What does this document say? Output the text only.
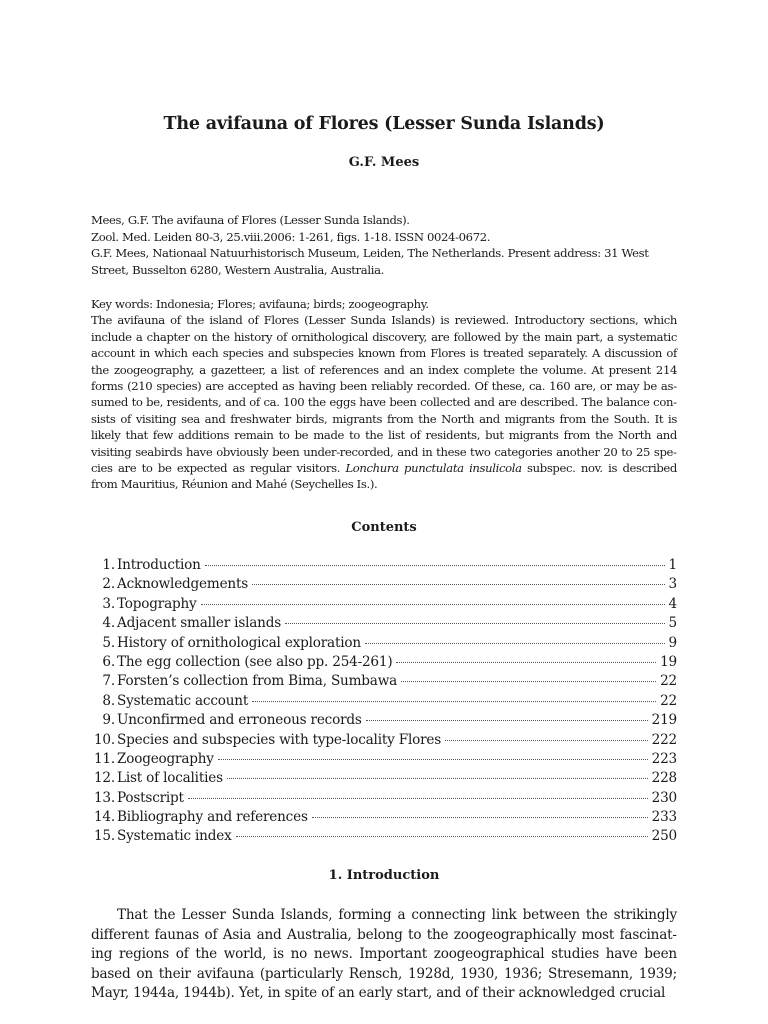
The avifauna of Flores (Lesser Sunda Islands)
G.F. Mees
Mees, G.F. The avifauna of Flores (Lesser Sunda Islands).
Zool. Med. Leiden 80-3, 25.viii.2006: 1-261, figs. 1-18. ISSN 0024-0672.
G.F. Mees, Nationaal Natuurhistorisch Museum, Leiden, The Netherlands. Present address: 31 West
Street, Busselton 6280, Western Australia, Australia.
Key words: Indonesia; Flores; avifauna; birds; zoogeography.

The avifauna of the island of Flores (Lesser Sunda Islands) is reviewed. Introductory sections, which include a chapter on the history of ornithological discovery, are followed by the main part, a systematic account in which each species and subspecies known from Flores is treated separately. A discussion of the zoogeography, a gazetteer, a list of references and an index complete the volume. At present 214 forms (210 species) are accepted as having been reliably recorded. Of these, ca. 160 are, or may be assumed to be, residents, and of ca. 100 the eggs have been collected and are described. The balance consists of visiting sea and freshwater birds, migrants from the North and migrants from the South. It is likely that few additions remain to be made to the list of residents, but migrants from the North and visiting seabirds have obviously been under-recorded, and in these two categories another 20 to 25 species are to be expected as regular visitors. Lonchura punctulata insulicola subspec. nov. is described from Mauritius, Réunion and Mahé (Seychelles Is.).

Contents
1. Introduction	1
2. Acknowledgements	3
3. Topography	4
4. Adjacent smaller islands	5
5. History of ornithological exploration	9
6. The egg collection (see also pp. 254-261)	19
7. Forsten’s collection from Bima, Sumbawa	22
8. Systematic account	22
9. Unconfirmed and erroneous records	219
10. Species and subspecies with type-locality Flores	222
11. Zoogeography	223
12. List of localities	228
13. Postscript	230
14. Bibliography and references	233
15. Systematic index	250
1. Introduction

That the Lesser Sunda Islands, forming a connecting link between the strikingly different faunas of Asia and Australia, belong to the zoogeographically most fascinating regions of the world, is no news. Important zoogeographical studies have been based on their avifauna (particularly Rensch, 1928d, 1930, 1936; Stresemann, 1939; Mayr, 1944a, 1944b). Yet, in spite of an early start, and of their acknowledged crucial
